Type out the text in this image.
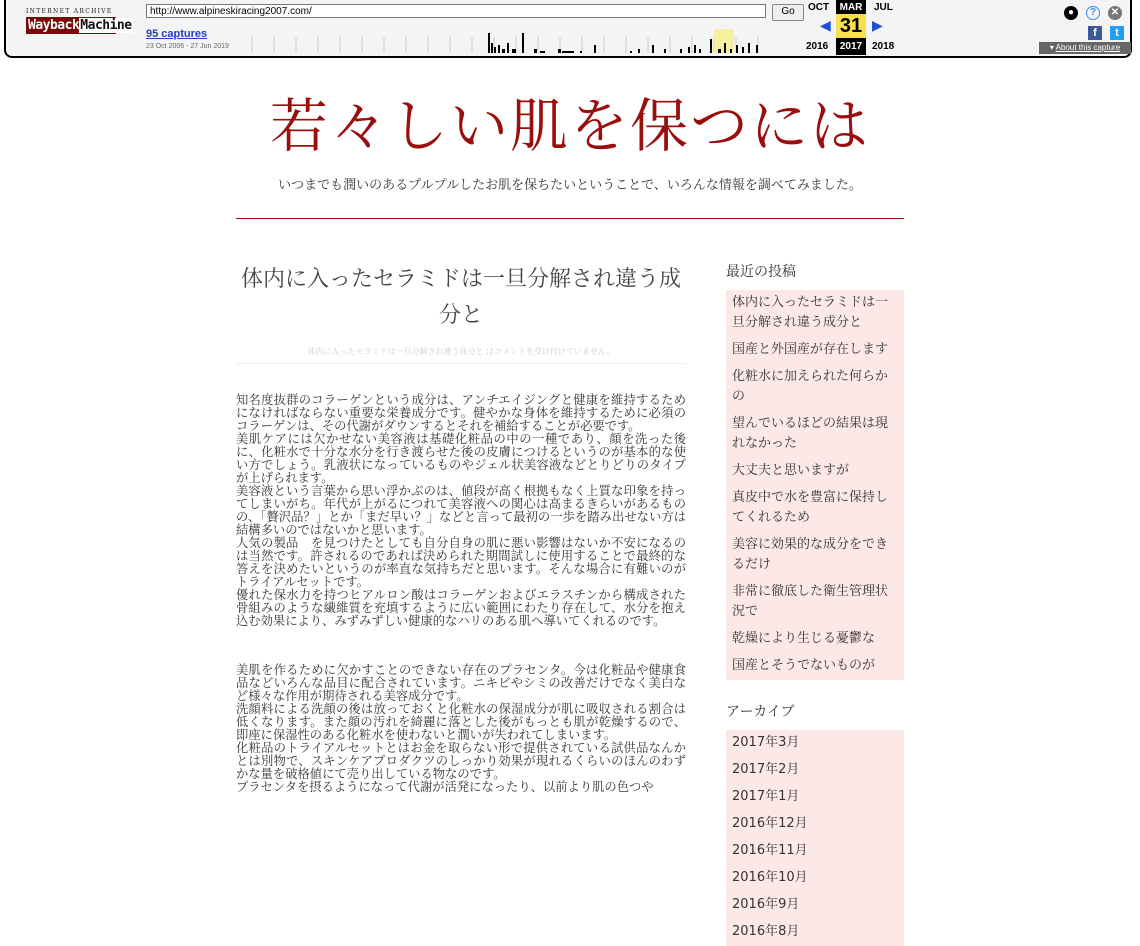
INTERNET ARCHIVE
WaybackMachine
http://www.alpineskiracing2007.com/
Go
95 captures
23 Oct 2006 - 27 Jun 2019
OCT
2016
◀
MAR
31
2017
▶
JUL
2018
●	?	✕
f	t
▾ About this capture
若々しい肌を保つには
いつまでも潤いのあるプルプルしたお肌を保ちたいということで、いろんな情報を調べてみました。
体内に入ったセラミドは一旦分解され違う成分と
体内に入ったセラミドは一旦分解され違う成分と はコメントを受け付けていません。

知名度抜群のコラーゲンという成分は、アンチエイジングと健康を維持するためになければならない重要な栄養成分です。健やかな身体を維持するために必須のコラーゲンは、その代謝がダウンするとそれを補給することが必要です。
美肌ケアには欠かせない美容液は基礎化粧品の中の一種であり、顔を洗った後に、化粧水で十分な水分を行き渡らせた後の皮膚につけるというのが基本的な使い方でしょう。乳液状になっているものやジェル状美容液などとりどりのタイプが上げられます。
美容液という言葉から思い浮かぶのは、値段が高く根拠もなく上質な印象を持ってしまいがち。年代が上がるにつれて美容液への関心は高まるきらいがあるものの、「贅沢品？」とか「まだ早い？」などと言って最初の一歩を踏み出せない方は結構多いのではないかと思います。
人気の製品　を見つけたとしても自分自身の肌に悪い影響はないか不安になるのは当然です。許されるのであれば決められた期間試しに使用することで最終的な答えを決めたいというのが率直な気持ちだと思います。そんな場合に有難いのがトライアルセットです。
優れた保水力を持つヒアルロン酸はコラーゲンおよびエラスチンから構成された骨組みのような繊維質を充填するように広い範囲にわたり存在して、水分を抱え込む効果により、みずみずしい健康的なハリのある肌へ導いてくれるのです。

美肌を作るために欠かすことのできない存在のプラセンタ。今は化粧品や健康食品などいろんな品目に配合されています。ニキビやシミの改善だけでなく美白など様々な作用が期待される美容成分です。
洗顔料による洗顔の後は放っておくと化粧水の保湿成分が肌に吸収される割合は低くなります。また顔の汚れを綺麗に落とした後がもっとも肌が乾燥するので、即座に保湿性のある化粧水を使わないと潤いが失われてしまいます。
化粧品のトライアルセットとはお金を取らない形で提供されている試供品なんかとは別物で、スキンケアプロダクツのしっかり効果が現れるくらいのほんのわずかな量を破格値にて売り出している物なのです。
プラセンタを摂るようになって代謝が活発になったり、以前より肌の色つや

最近の投稿
体内に入ったセラミドは一旦分解され違う成分と
国産と外国産が存在します
化粧水に加えられた何らかの
望んでいるほどの結果は現れなかった
大丈夫と思いますが
真皮中で水を豊富に保持してくれるため
美容に効果的な成分をできるだけ
非常に徹底した衛生管理状況で
乾燥により生じる憂鬱な
国産とそうでないものが
アーカイブ
2017年3月
2017年2月
2017年1月
2016年12月
2016年11月
2016年10月
2016年9月
2016年8月
